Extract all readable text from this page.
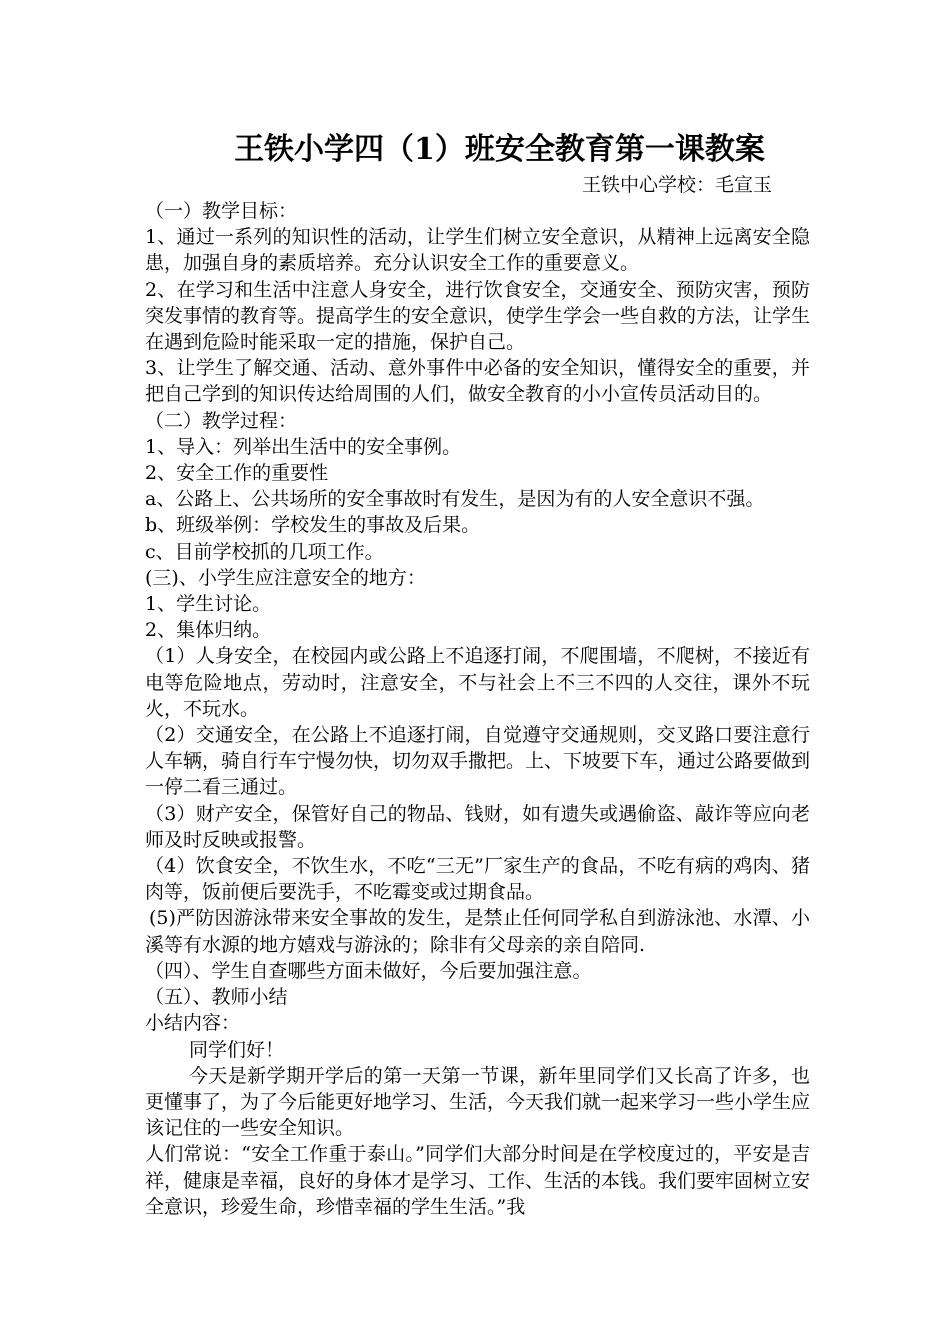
王铁小学四（1）班安全教育第一课教案

王铁中心学校：毛宣玉

（一）教学目标：

1、通过一系列的知识性的活动，让学生们树立安全意识，从精神上远离安全隐患，加强自身的素质培养。充分认识安全工作的重要意义。

2、在学习和生活中注意人身安全，进行饮食安全，交通安全、预防灾害，预防突发事情的教育等。提高学生的安全意识，使学生学会一些自救的方法，让学生在遇到危险时能采取一定的措施，保护自己。

3、让学生了解交通、活动、意外事件中必备的安全知识，懂得安全的重要，并把自己学到的知识传达给周围的人们，做安全教育的小小宣传员活动目的。

（二）教学过程：

1、导入：列举出生活中的安全事例。

2、安全工作的重要性

a、公路上、公共场所的安全事故时有发生，是因为有的人安全意识不强。

b、班级举例：学校发生的事故及后果。

c、目前学校抓的几项工作。

(三)、小学生应注意安全的地方：

1、学生讨论。

2、集体归纳。

（1）人身安全，在校园内或公路上不追逐打闹，不爬围墙，不爬树，不接近有电等危险地点，劳动时，注意安全，不与社会上不三不四的人交往，课外不玩火，不玩水。

（2）交通安全，在公路上不追逐打闹，自觉遵守交通规则，交叉路口要注意行人车辆，骑自行车宁慢勿快，切勿双手撒把。上、下坡要下车，通过公路要做到一停二看三通过。

（3）财产安全，保管好自己的物品、钱财，如有遗失或遇偷盗、敲诈等应向老师及时反映或报警。

（4）饮食安全，不饮生水，不吃“三无”厂家生产的食品，不吃有病的鸡肉、猪肉等，饭前便后要洗手，不吃霉变或过期食品。

(5)严防因游泳带来安全事故的发生，是禁止任何同学私自到游泳池、水潭、小溪等有水源的地方嬉戏与游泳的；除非有父母亲的亲自陪同.

（四）、学生自查哪些方面未做好，今后要加强注意。

（五）、教师小结

小结内容：

同学们好！

今天是新学期开学后的第一天第一节课，新年里同学们又长高了许多，也更懂事了，为了今后能更好地学习、生活，今天我们就一起来学习一些小学生应该记住的一些安全知识。

人们常说：“安全工作重于泰山。”同学们大部分时间是在学校度过的，平安是吉祥，健康是幸福，良好的身体才是学习、工作、生活的本钱。我们要牢固树立安全意识，珍爱生命，珍惜幸福的学生生活。”我
